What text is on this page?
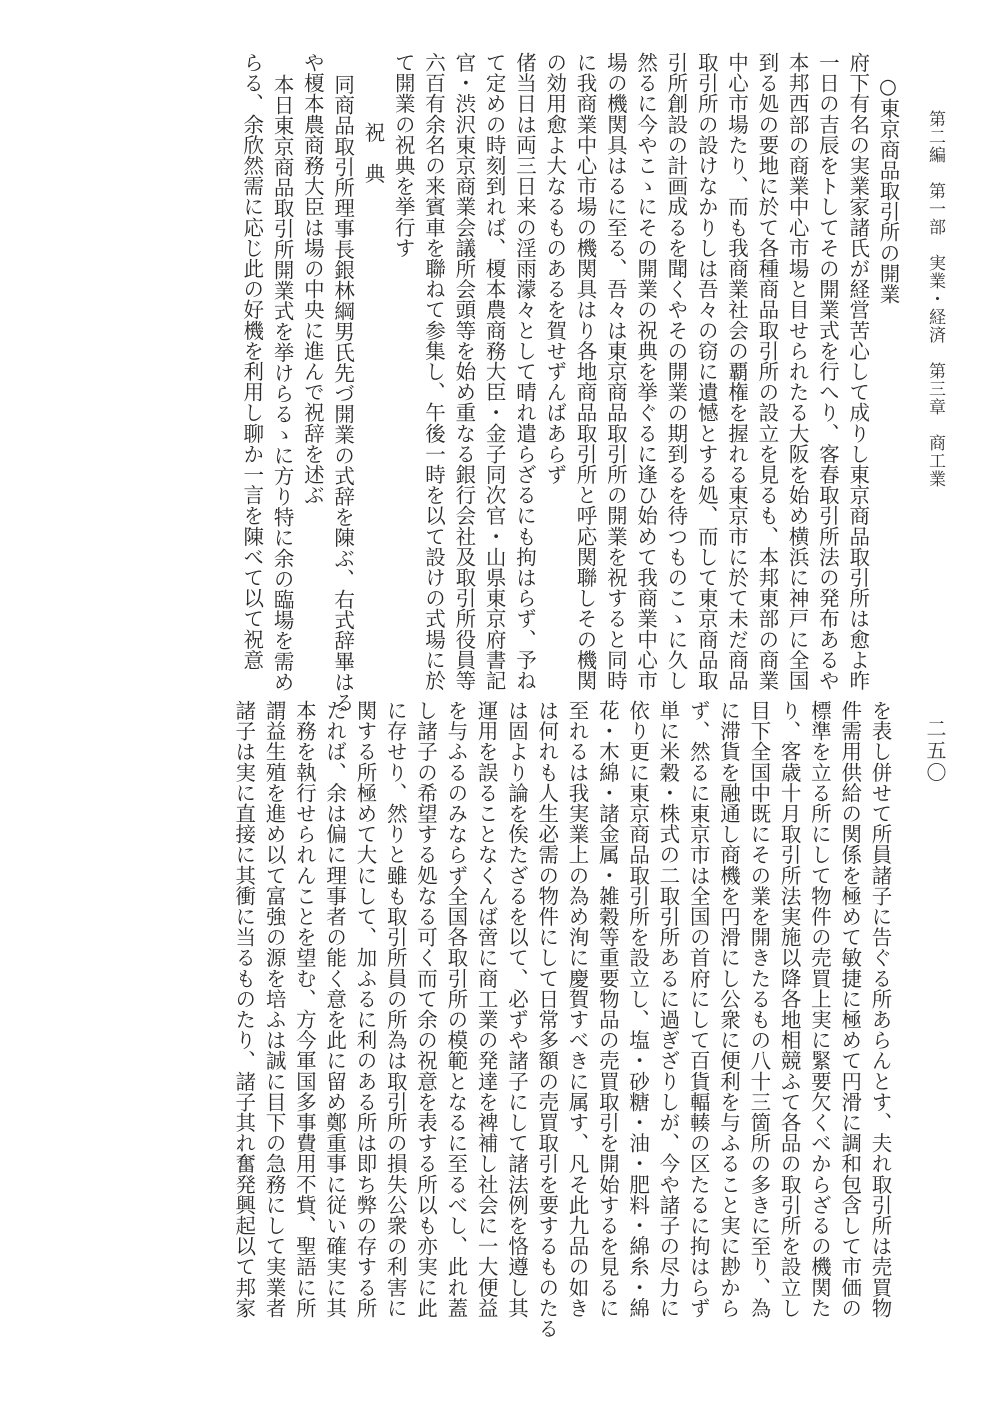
第二編　第一部　実業・経済　第三章　商工業
二五〇
○東京商品取引所の開業
府下有名の実業家諸氏が経営苦心して成りし東京商品取引所は愈よ昨
一日の吉辰をトしてその開業式を行へり、客春取引所法の発布あるや
本邦西部の商業中心市場と目せられたる大阪を始め横浜に神戸に全国
到る処の要地に於て各種商品取引所の設立を見るも、本邦東部の商業
中心市場たり、而も我商業社会の覇権を握れる東京市に於て未だ商品
取引所の設けなかりしは吾々の窃に遺憾とする処、而して東京商品取
引所創設の計画成るを聞くやその開業の期到るを待つものこゝに久し
然るに今やこゝにその開業の祝典を挙ぐるに逢ひ始めて我商業中心市
場の機関具はるに至る、吾々は東京商品取引所の開業を祝すると同時
に我商業中心市場の機関具はり各地商品取引所と呼応関聯しその機関
の効用愈よ大なるものあるを賀せずんばあらず
偖当日は両三日来の淫雨濛々として晴れ遣らざるにも拘はらず、予ね
て定めの時刻到れば、榎本農商務大臣・金子同次官・山県東京府書記
官・渋沢東京商業会議所会頭等を始め重なる銀行会社及取引所役員等
六百有余名の来賓車を聯ねて参集し、午後一時を以て設けの式場に於
て開業の祝典を挙行す
祝　典
同商品取引所理事長銀林綱男氏先づ開業の式辞を陳ぶ、右式辞畢はる
や榎本農商務大臣は場の中央に進んで祝辞を述ぶ
本日東京商品取引所開業式を挙けらるゝに方り特に余の臨場を需め
らる、余欣然需に応じ此の好機を利用し聊か一言を陳べて以て祝意
を表し併せて所員諸子に告ぐる所あらんとす、夫れ取引所は売買物
件需用供給の関係を極めて敏捷に極めて円滑に調和包含して市価の
標準を立る所にして物件の売買上実に緊要欠くべからざるの機関た
り、客歳十月取引所法実施以降各地相競ふて各品の取引所を設立し
目下全国中既にその業を開きたるもの八十三箇所の多きに至り、為
に滞貨を融通し商機を円滑にし公衆に便利を与ふること実に尠から
ず、然るに東京市は全国の首府にして百貨輻輳の区たるに拘はらず
単に米穀・株式の二取引所あるに過ぎざりしが、今や諸子の尽力に
依り更に東京商品取引所を設立し、塩・砂糖・油・肥料・綿糸・綿
花・木綿・諸金属・雑穀等重要物品の売買取引を開始するを見るに
至れるは我実業上の為め洵に慶賀すべきに属す、凡そ此九品の如き
は何れも人生必需の物件にして日常多額の売買取引を要するものたる
は固より論を俟たざるを以て、必ずや諸子にして諸法例を恪遵し其
運用を誤ることなくんば啻に商工業の発達を裨補し社会に一大便益
を与ふるのみならず全国各取引所の模範となるに至るべし、此れ蓋
し諸子の希望する処なる可く而て余の祝意を表する所以も亦実に此
に存せり、然りと雖も取引所員の所為は取引所の損失公衆の利害に
関する所極めて大にして、加ふるに利のある所は即ち弊の存する所
たれば、余は偏に理事者の能く意を此に留め鄭重事に従い確実に其
本務を執行せられんことを望む、方今軍国多事費用不貲、聖語に所
謂益生殖を進め以て富強の源を培ふは誠に目下の急務にして実業者
諸子は実に直接に其衝に当るものたり、諸子其れ奮発興起以て邦家
